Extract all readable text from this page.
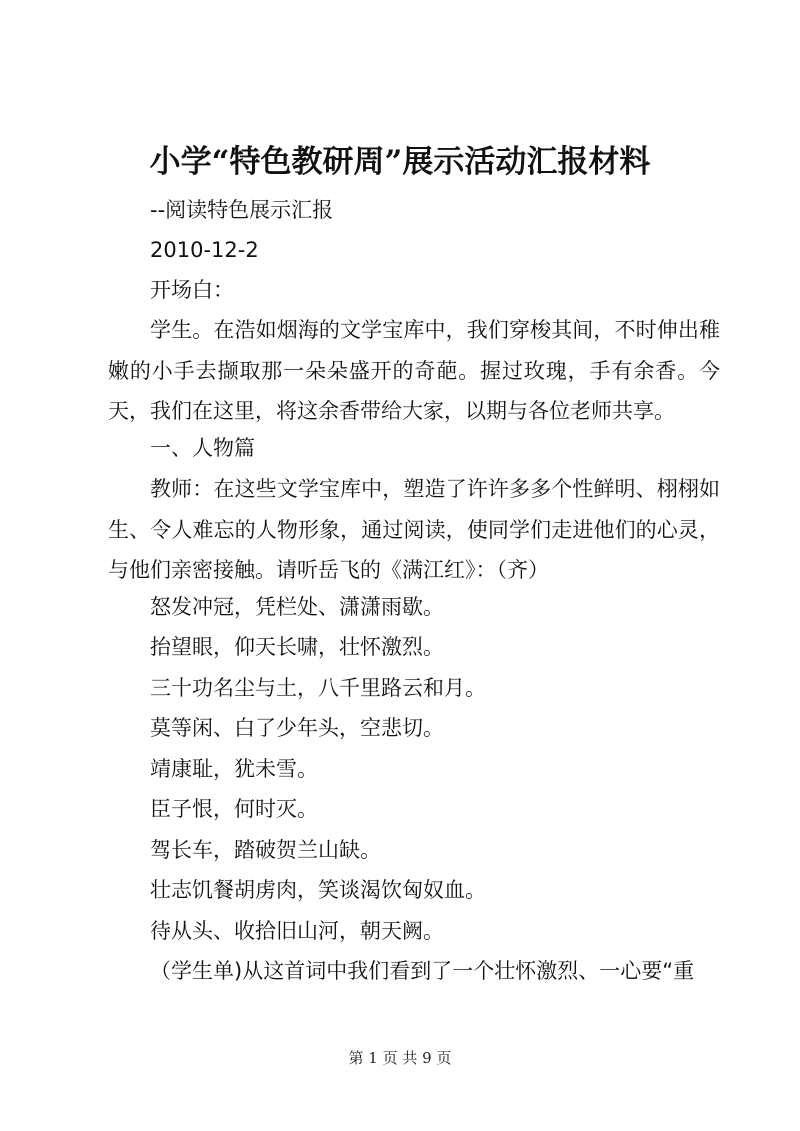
小学“特色教研周”展示活动汇报材料
--阅读特色展示汇报
2010-12-2
开场白：
学生。在浩如烟海的文学宝库中，我们穿梭其间，不时伸出稚嫩的小手去撷取那一朵朵盛开的奇葩。握过玫瑰，手有余香。今天，我们在这里，将这余香带给大家，以期与各位老师共享。
一、人物篇
教师：在这些文学宝库中，塑造了许许多多个性鲜明、栩栩如生、令人难忘的人物形象，通过阅读，使同学们走进他们的心灵，与他们亲密接触。请听岳飞的《满江红》：（齐）
怒发冲冠，凭栏处、潇潇雨歇。
抬望眼，仰天长啸，壮怀激烈。
三十功名尘与土，八千里路云和月。
莫等闲、白了少年头，空悲切。
靖康耻，犹未雪。
臣子恨，何时灭。
驾长车，踏破贺兰山缺。
壮志饥餐胡虏肉，笑谈渴饮匈奴血。
待从头、收拾旧山河，朝天阙。
（学生单)从这首词中我们看到了一个壮怀激烈、一心要“重
第 1 页 共 9 页
